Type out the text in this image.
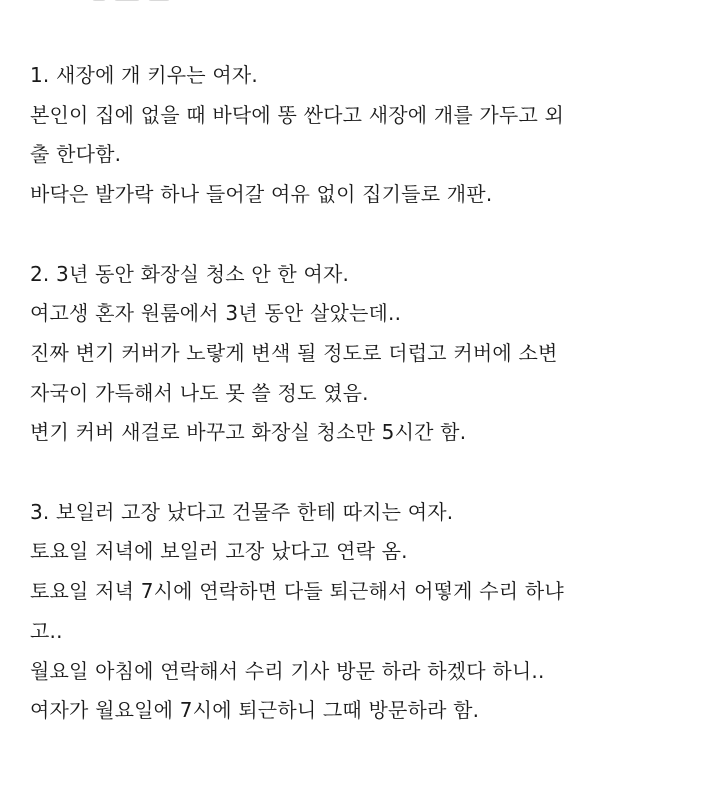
1. 새장에 개 키우는 여자.

본인이 집에 없을 때 바닥에 똥 싼다고 새장에 개를 가두고 외

출 한다함.

바닥은 발가락 하나 들어갈 여유 없이 집기들로 개판.

2. 3년 동안 화장실 청소 안 한 여자.

여고생 혼자 원룸에서 3년 동안 살았는데..

진짜 변기 커버가 노랗게 변색 될 정도로 더럽고 커버에 소변

자국이 가득해서 나도 못 쓸 정도 였음.

변기 커버 새걸로 바꾸고 화장실 청소만 5시간 함.

3. 보일러 고장 났다고 건물주 한테 따지는 여자.

토요일 저녁에 보일러 고장 났다고 연락 옴.

토요일 저녁 7시에 연락하면 다들 퇴근해서 어떻게 수리 하냐

고..

월요일 아침에 연락해서 수리 기사 방문 하라 하겠다 하니..

여자가 월요일에 7시에 퇴근하니 그때 방문하라 함.
